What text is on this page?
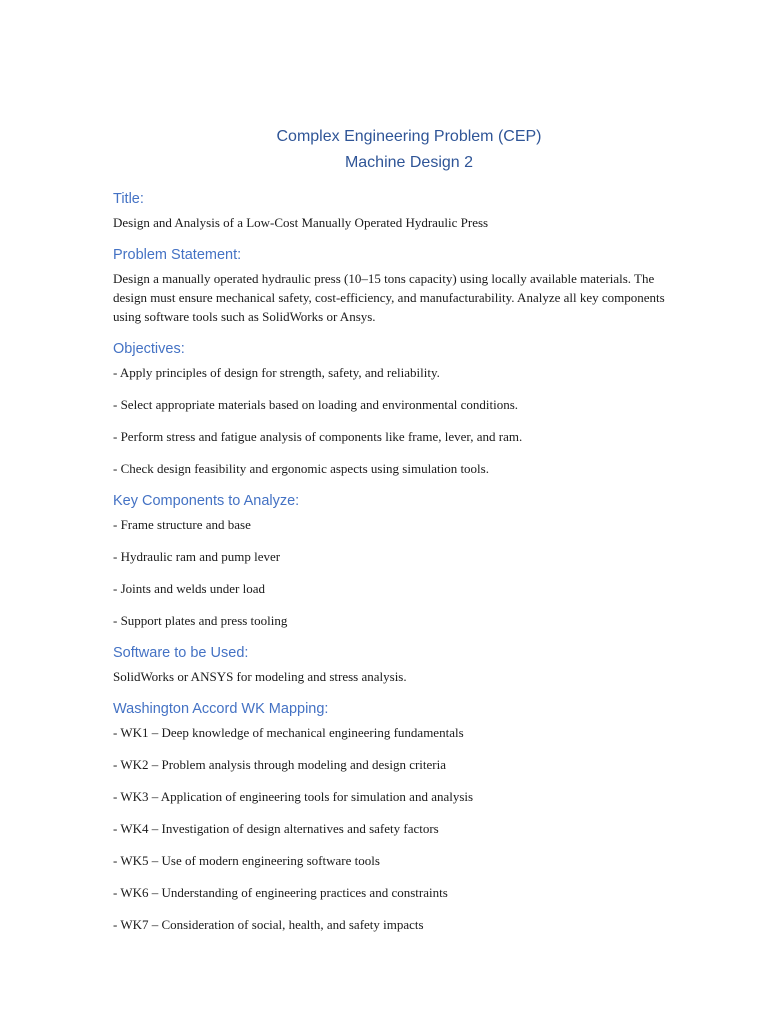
Complex Engineering Problem (CEP)
Machine Design 2
Title:

Design and Analysis of a Low-Cost Manually Operated Hydraulic Press

Problem Statement:

Design a manually operated hydraulic press (10–15 tons capacity) using locally available materials. The design must ensure mechanical safety, cost-efficiency, and manufacturability. Analyze all key components using software tools such as SolidWorks or Ansys.

Objectives:
- Apply principles of design for strength, safety, and reliability.
- Select appropriate materials based on loading and environmental conditions.
- Perform stress and fatigue analysis of components like frame, lever, and ram.
- Check design feasibility and ergonomic aspects using simulation tools.
Key Components to Analyze:
- Frame structure and base
- Hydraulic ram and pump lever
- Joints and welds under load
- Support plates and press tooling
Software to be Used:

SolidWorks or ANSYS for modeling and stress analysis.

Washington Accord WK Mapping:
- WK1 – Deep knowledge of mechanical engineering fundamentals
- WK2 – Problem analysis through modeling and design criteria
- WK3 – Application of engineering tools for simulation and analysis
- WK4 – Investigation of design alternatives and safety factors
- WK5 – Use of modern engineering software tools
- WK6 – Understanding of engineering practices and constraints
- WK7 – Consideration of social, health, and safety impacts
